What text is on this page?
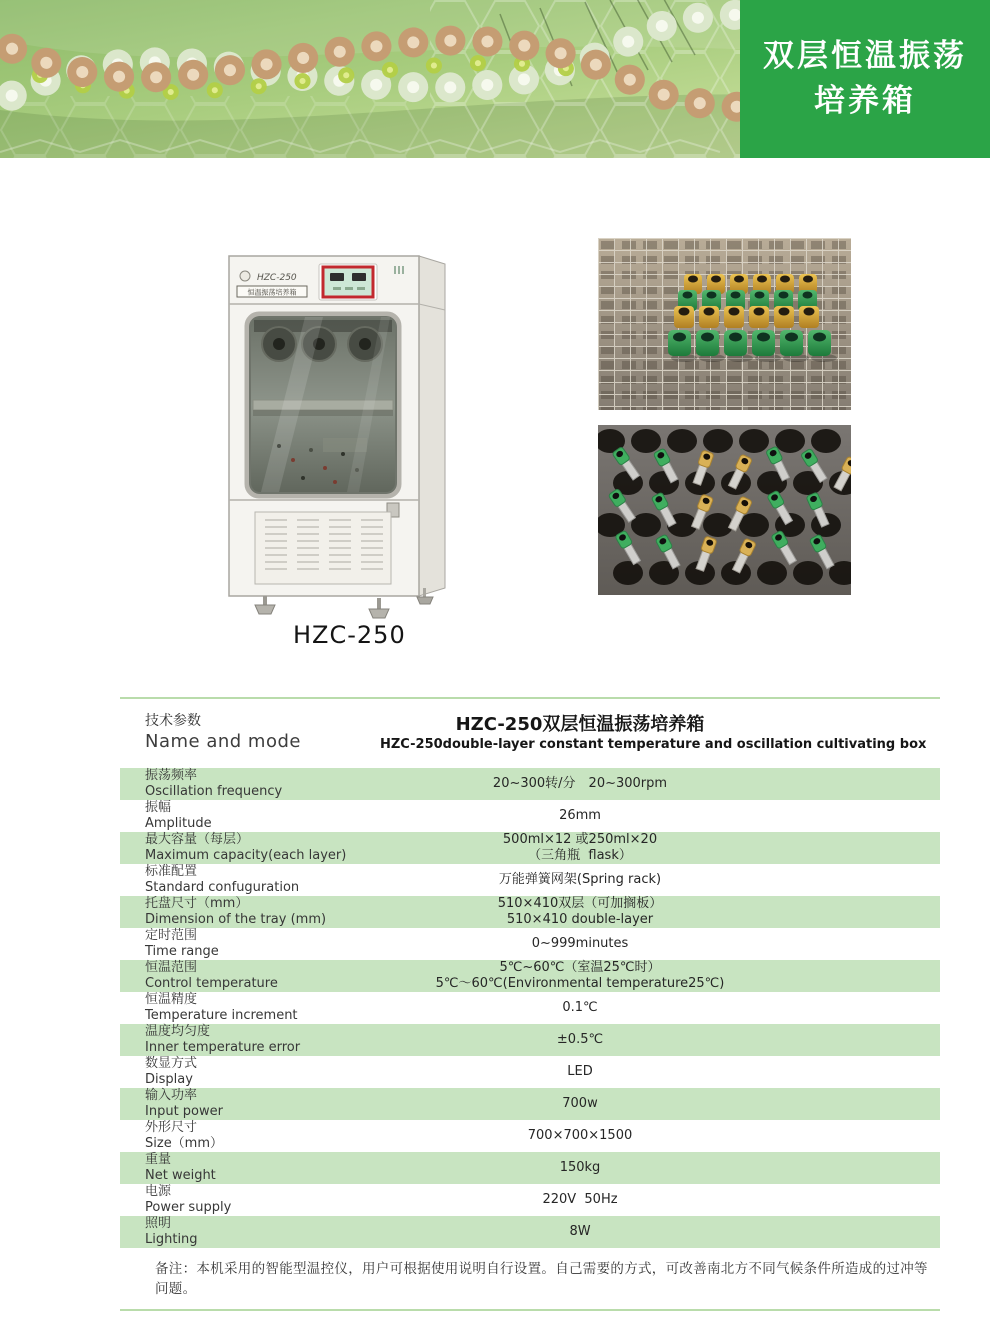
双层恒温振荡
培养箱
HZC-250
恒温振荡培养箱
HZC-250
技术参数
Name and mode
HZC-250双层恒温振荡培养箱
HZC-250double-layer constant temperature and oscillation cultivating box
振荡频率
Oscillation frequency
20~300转/分　20~300rpm
振幅
Amplitude
26mm
最大容量（每层）
Maximum capacity(each layer)
500ml×12 或250ml×20
（三角瓶  flask）
标准配置
Standard confuguration
万能弹簧网架(Spring rack)
托盘尺寸（mm）
Dimension of the tray (mm)
510×410双层（可加搁板）
510×410 double-layer
定时范围
Time range
0~999minutes
恒温范围
Control temperature
5℃~60℃（室温25℃时）
5℃～60℃(Environmental temperature25℃)
恒温精度
Temperature increment
0.1℃
温度均匀度
Inner temperature error
±0.5℃
数显方式
Display
LED
输入功率
Input power
700w
外形尺寸
Size（mm）
700×700×1500
重量
Net weight
150kg
电源
Power supply
220V  50Hz
照明
Lighting
8W
备注：本机采用的智能型温控仪，用户可根据使用说明自行设置。自己需要的方式，可改善南北方不同气候条件所造成的过冲等问题。
